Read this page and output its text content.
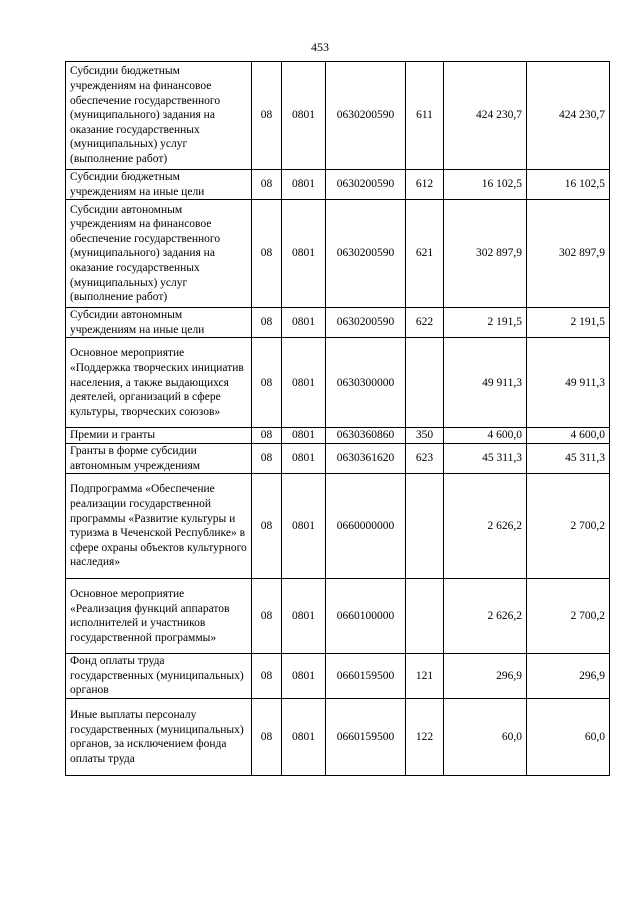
453
Субсидии бюджетным учреждениям на финансовое обеспечение государственного (муниципального) задания на оказание государственных (муниципальных) услуг (выполнение работ)	08	0801	0630200590	611	424 230,7	424 230,7
Субсидии бюджетным учреждениям на иные цели	08	0801	0630200590	612	16 102,5	16 102,5
Субсидии автономным учреждениям на финансовое обеспечение государственного (муниципального) задания на оказание государственных (муниципальных) услуг (выполнение работ)	08	0801	0630200590	621	302 897,9	302 897,9
Субсидии автономным учреждениям на иные цели	08	0801	0630200590	622	2 191,5	2 191,5
Основное мероприятие «Поддержка творческих инициатив населения, а также выдающихся деятелей, организаций в сфере культуры, творческих союзов»	08	0801	0630300000		49 911,3	49 911,3
Премии и гранты	08	0801	0630360860	350	4 600,0	4 600,0
Гранты в форме субсидии автономным учреждениям	08	0801	0630361620	623	45 311,3	45 311,3
Подпрограмма «Обеспечение реализации государственной программы «Развитие культуры и туризма в Чеченской Республике» в сфере охраны объектов культурного наследия»	08	0801	0660000000		2 626,2	2 700,2
Основное мероприятие «Реализация функций аппаратов исполнителей и участников государственной программы»	08	0801	0660100000		2 626,2	2 700,2
Фонд оплаты труда государственных (муниципальных) органов	08	0801	0660159500	121	296,9	296,9
Иные выплаты персоналу государственных (муниципальных) органов, за исключением фонда оплаты труда	08	0801	0660159500	122	60,0	60,0
